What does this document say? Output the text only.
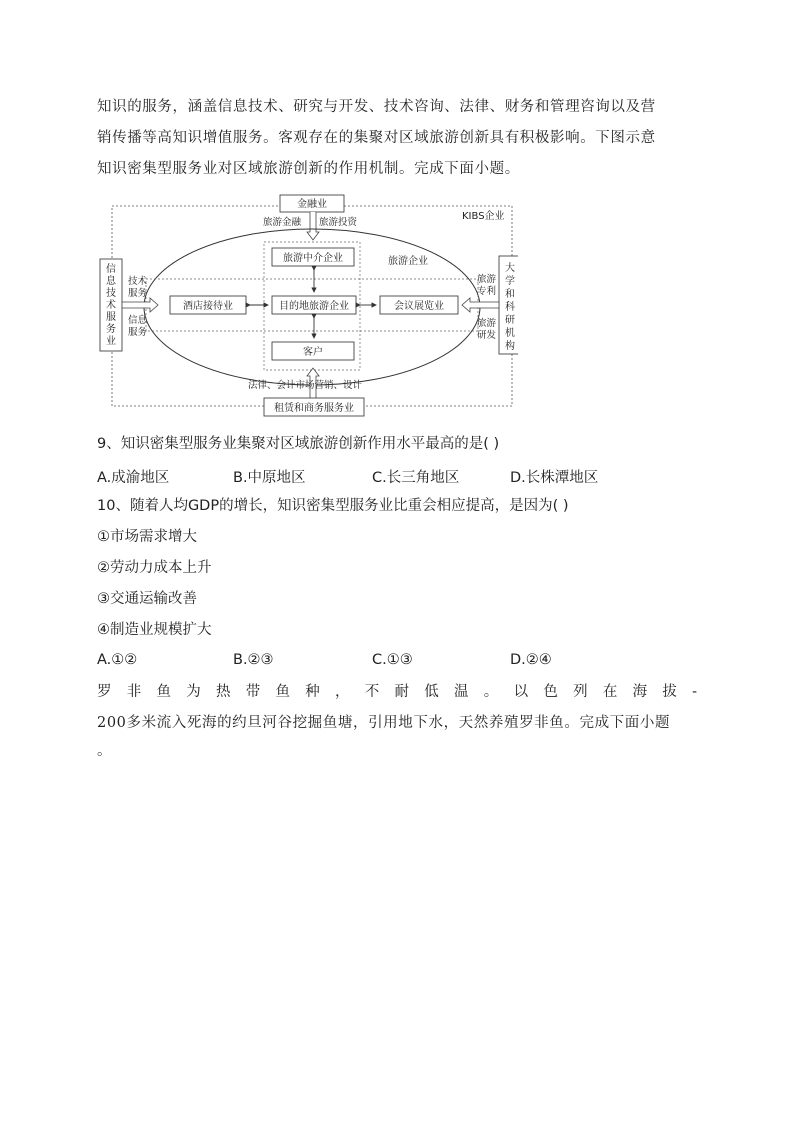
知识的服务，涵盖信息技术、研究与开发、技术咨询、法律、财务和管理咨询以及营
销传播等高知识增值服务。客观存在的集聚对区域旅游创新具有积极影响。下图示意
知识密集型服务业对区域旅游创新的作用机制。完成下面小题。
KIBS企业
金融业
旅游金融 旅游投资
旅游企业
旅游中介企业
目的地旅游企业
酒店接待业	会议展览业
客户
信
息
技
术
服
务
业
技术
服务
信息
服务
大
学
和
科
研
机
构
旅游
专利
旅游
研发
法律、会计市场营销、设计
租赁和商务服务业
9、知识密集型服务业集聚对区域旅游创新作用水平最高的是( )
A.成渝地区	B.中原地区	C.长三角地区	D.长株潭地区
10、随着人均GDP的增长，知识密集型服务业比重会相应提高，是因为( )
①市场需求增大
②劳动力成本上升
③交通运输改善
④制造业规模扩大
A.①②	B.②③	C.①③	D.②④
罗非鱼为热带鱼种，不耐低温。以色列在海拔-
200多米流入死海的约旦河谷挖掘鱼塘，引用地下水，天然养殖罗非鱼。完成下面小题
。
